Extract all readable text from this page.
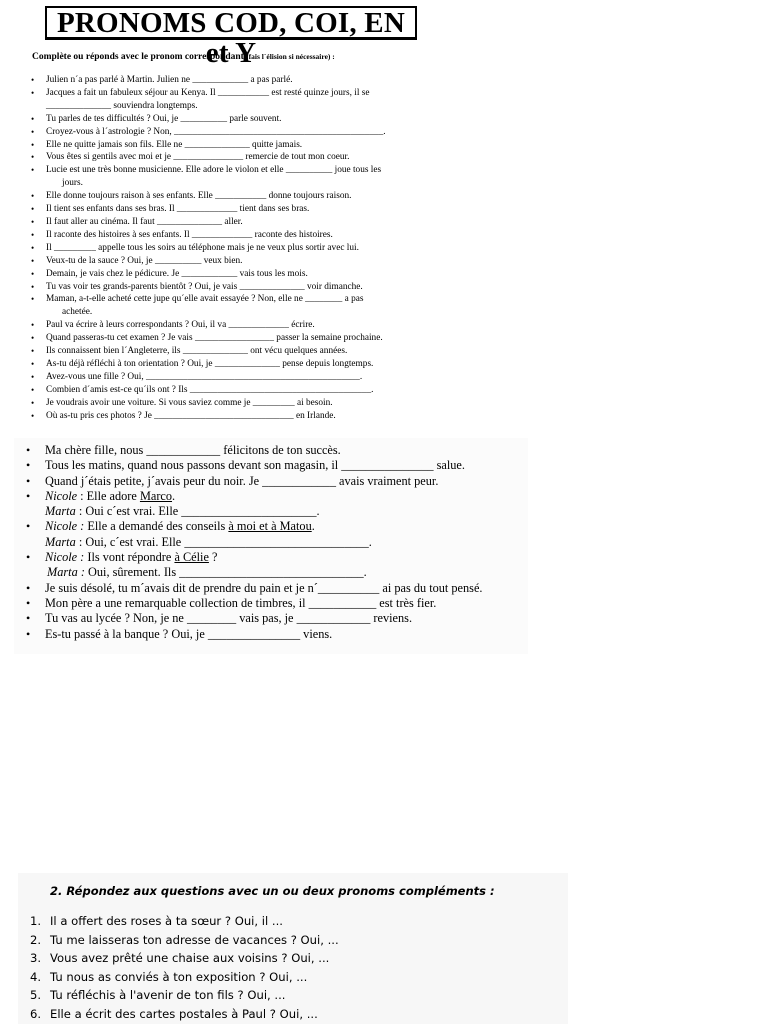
PRONOMS COD, COI, EN et Y
Complète ou réponds avec le pronom correspondant (fais l´élision si nécessaire) :
• Julien n´a pas parlé à Martin. Julien ne ____________ a pas parlé.
• Jacques a fait un fabuleux séjour au Kenya. Il ___________ est resté quinze jours, il se
______________ souviendra longtemps.
• Tu parles de tes difficultés ? Oui, je __________ parle souvent.
• Croyez-vous à l´astrologie ? Non, _____________________________________________.
• Elle ne quitte jamais son fils. Elle ne ______________ quitte jamais.
• Vous êtes si gentils avec moi et je _______________ remercie de tout mon coeur.
• Lucie est une très bonne musicienne. Elle adore le violon et elle __________ joue tous les
jours.
• Elle donne toujours raison à ses enfants. Elle ___________ donne toujours raison.
• Il tient ses enfants dans ses bras. Il _____________ tient dans ses bras.
• Il faut aller au cinéma. Il faut ______________ aller.
• Il raconte des histoires à ses enfants. Il _____________ raconte des histoires.
• Il _________ appelle tous les soirs au téléphone mais je ne veux plus sortir avec lui.
• Veux-tu de la sauce ? Oui, je __________ veux bien.
• Demain, je vais chez le pédicure. Je ____________ vais tous les mois.
• Tu vas voir tes grands-parents bientôt ? Oui, je vais ______________ voir dimanche.
• Maman, a-t-elle acheté cette jupe qu´elle avait essayée ? Non, elle ne ________ a pas
achetée.
• Paul va écrire à leurs correspondants ? Oui, il va _____________ écrire.
• Quand passeras-tu cet examen ? Je vais _________________ passer la semaine prochaine.
• Ils connaissent bien l´Angleterre, ils ______________ ont vécu quelques années.
• As-tu déjà réfléchi à ton orientation ? Oui, je ______________ pense depuis longtemps.
• Avez-vous une fille ? Oui, ______________________________________________.
• Combien d´amis est-ce qu´ils ont ? Ils _______________________________________.
• Je voudrais avoir une voiture. Si vous saviez comme je _________ ai besoin.
• Où as-tu pris ces photos ? Je ______________________________ en Irlande.
• Ma chère fille, nous ____________ félicitons de ton succès.
• Tous les matins, quand nous passons devant son magasin, il _______________ salue.
• Quand j´étais petite, j´avais peur du noir. Je ____________ avais vraiment peur.
• Nicole : Elle adore Marco.
Marta : Oui c´est vrai. Elle ______________________.
• Nicole : Elle a demandé des conseils à moi et à Matou.
Marta : Oui, c´est vrai. Elle ______________________________.
• Nicole : Ils vont répondre à Célie ?
Marta : Oui, sûrement. Ils ______________________________.
• Je suis désolé, tu m´avais dit de prendre du pain et je n´__________ ai pas du tout pensé.
• Mon père a une remarquable collection de timbres, il ___________ est très fier.
• Tu vas au lycée ? Non, je ne ________ vais pas, je ____________ reviens.
• Es-tu passé à la banque ? Oui, je _______________ viens.
2. Répondez aux questions avec un ou deux pronoms compléments :
1. Il a offert des roses à ta sœur ? Oui, il ...
2. Tu me laisseras ton adresse de vacances ? Oui, ...
3. Vous avez prêté une chaise aux voisins ? Oui, ...
4. Tu nous as conviés à ton exposition ? Oui, ...
5. Tu réfléchis à l'avenir de ton fils ? Oui, ...
6. Elle a écrit des cartes postales à Paul ? Oui, ...
